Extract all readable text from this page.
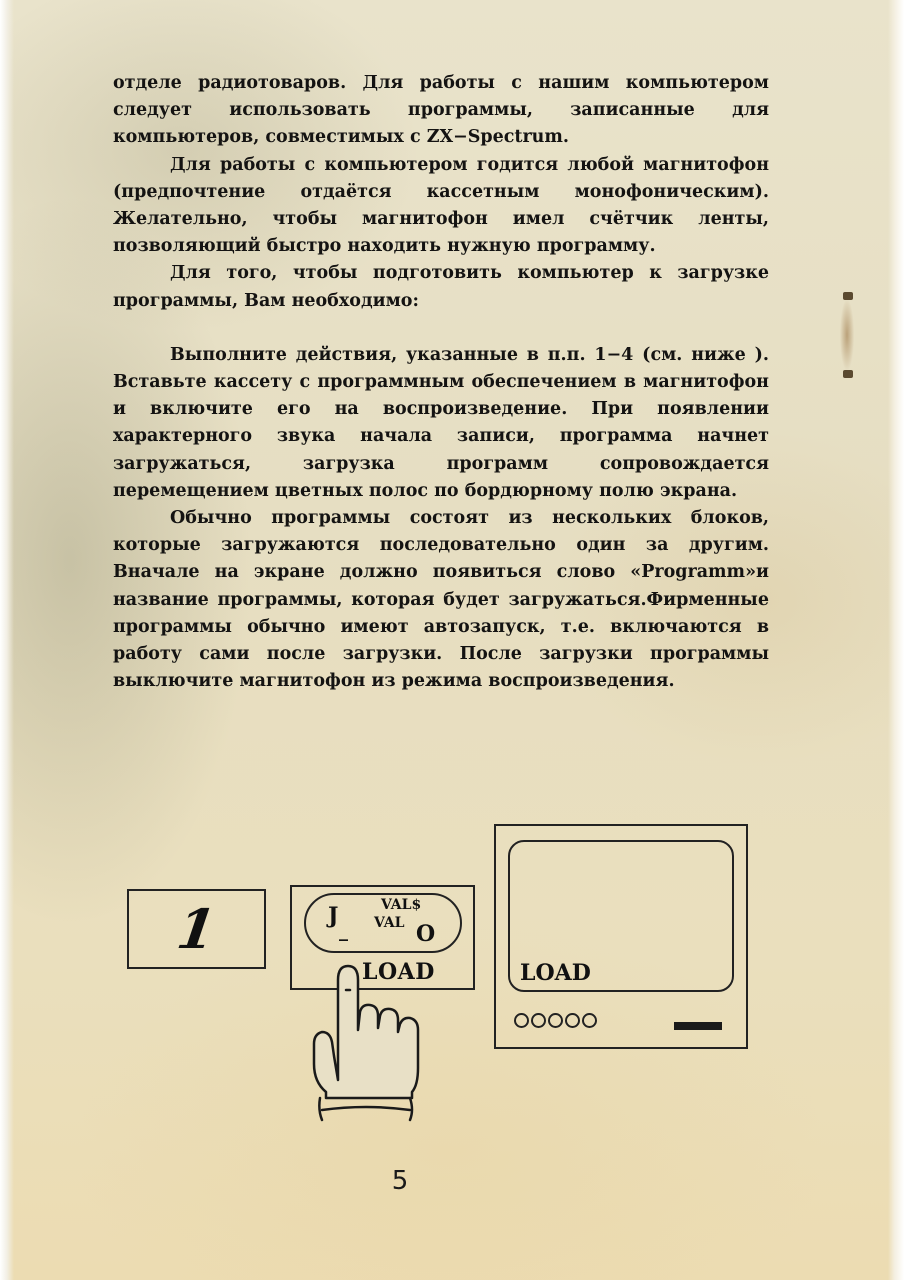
отделе радиотоваров. Для работы с нашим компьютером следует использовать программы, записанные для компьютеров, совместимых с ZX−Spectrum.

Для работы с компьютером годится любой магнитофон (предпочтение отдаётся кассетным монофоническим). Желательно, чтобы магнитофон имел счётчик ленты, позволяющий быстро находить нужную программу.

Для того, чтобы подготовить компьютер к загрузке программы, Вам необходимо:

Выполните действия, указанные в п.п. 1−4 (см. ниже ). Вставьте кассету с программным обеспечением в магнитофон и включите его на воспроизведение. При появлении характерного звука начала записи, программа начнет загружаться, загрузка программ сопровождается перемещением цветных полос по бордюрному полю экрана.

Обычно программы состоят из нескольких блоков, которые загружаются последовательно один за другим. Вначале на экране должно появиться слово «Programm»и название программы, которая будет загружаться.Фирменные программы обычно имеют автозапуск, т.е. включаются в работу сами после загрузки. После загрузки программы выключите магнитофон из режима воспроизведения.

1	J
_
VAL$
VAL O
LOAD	LOAD
5
